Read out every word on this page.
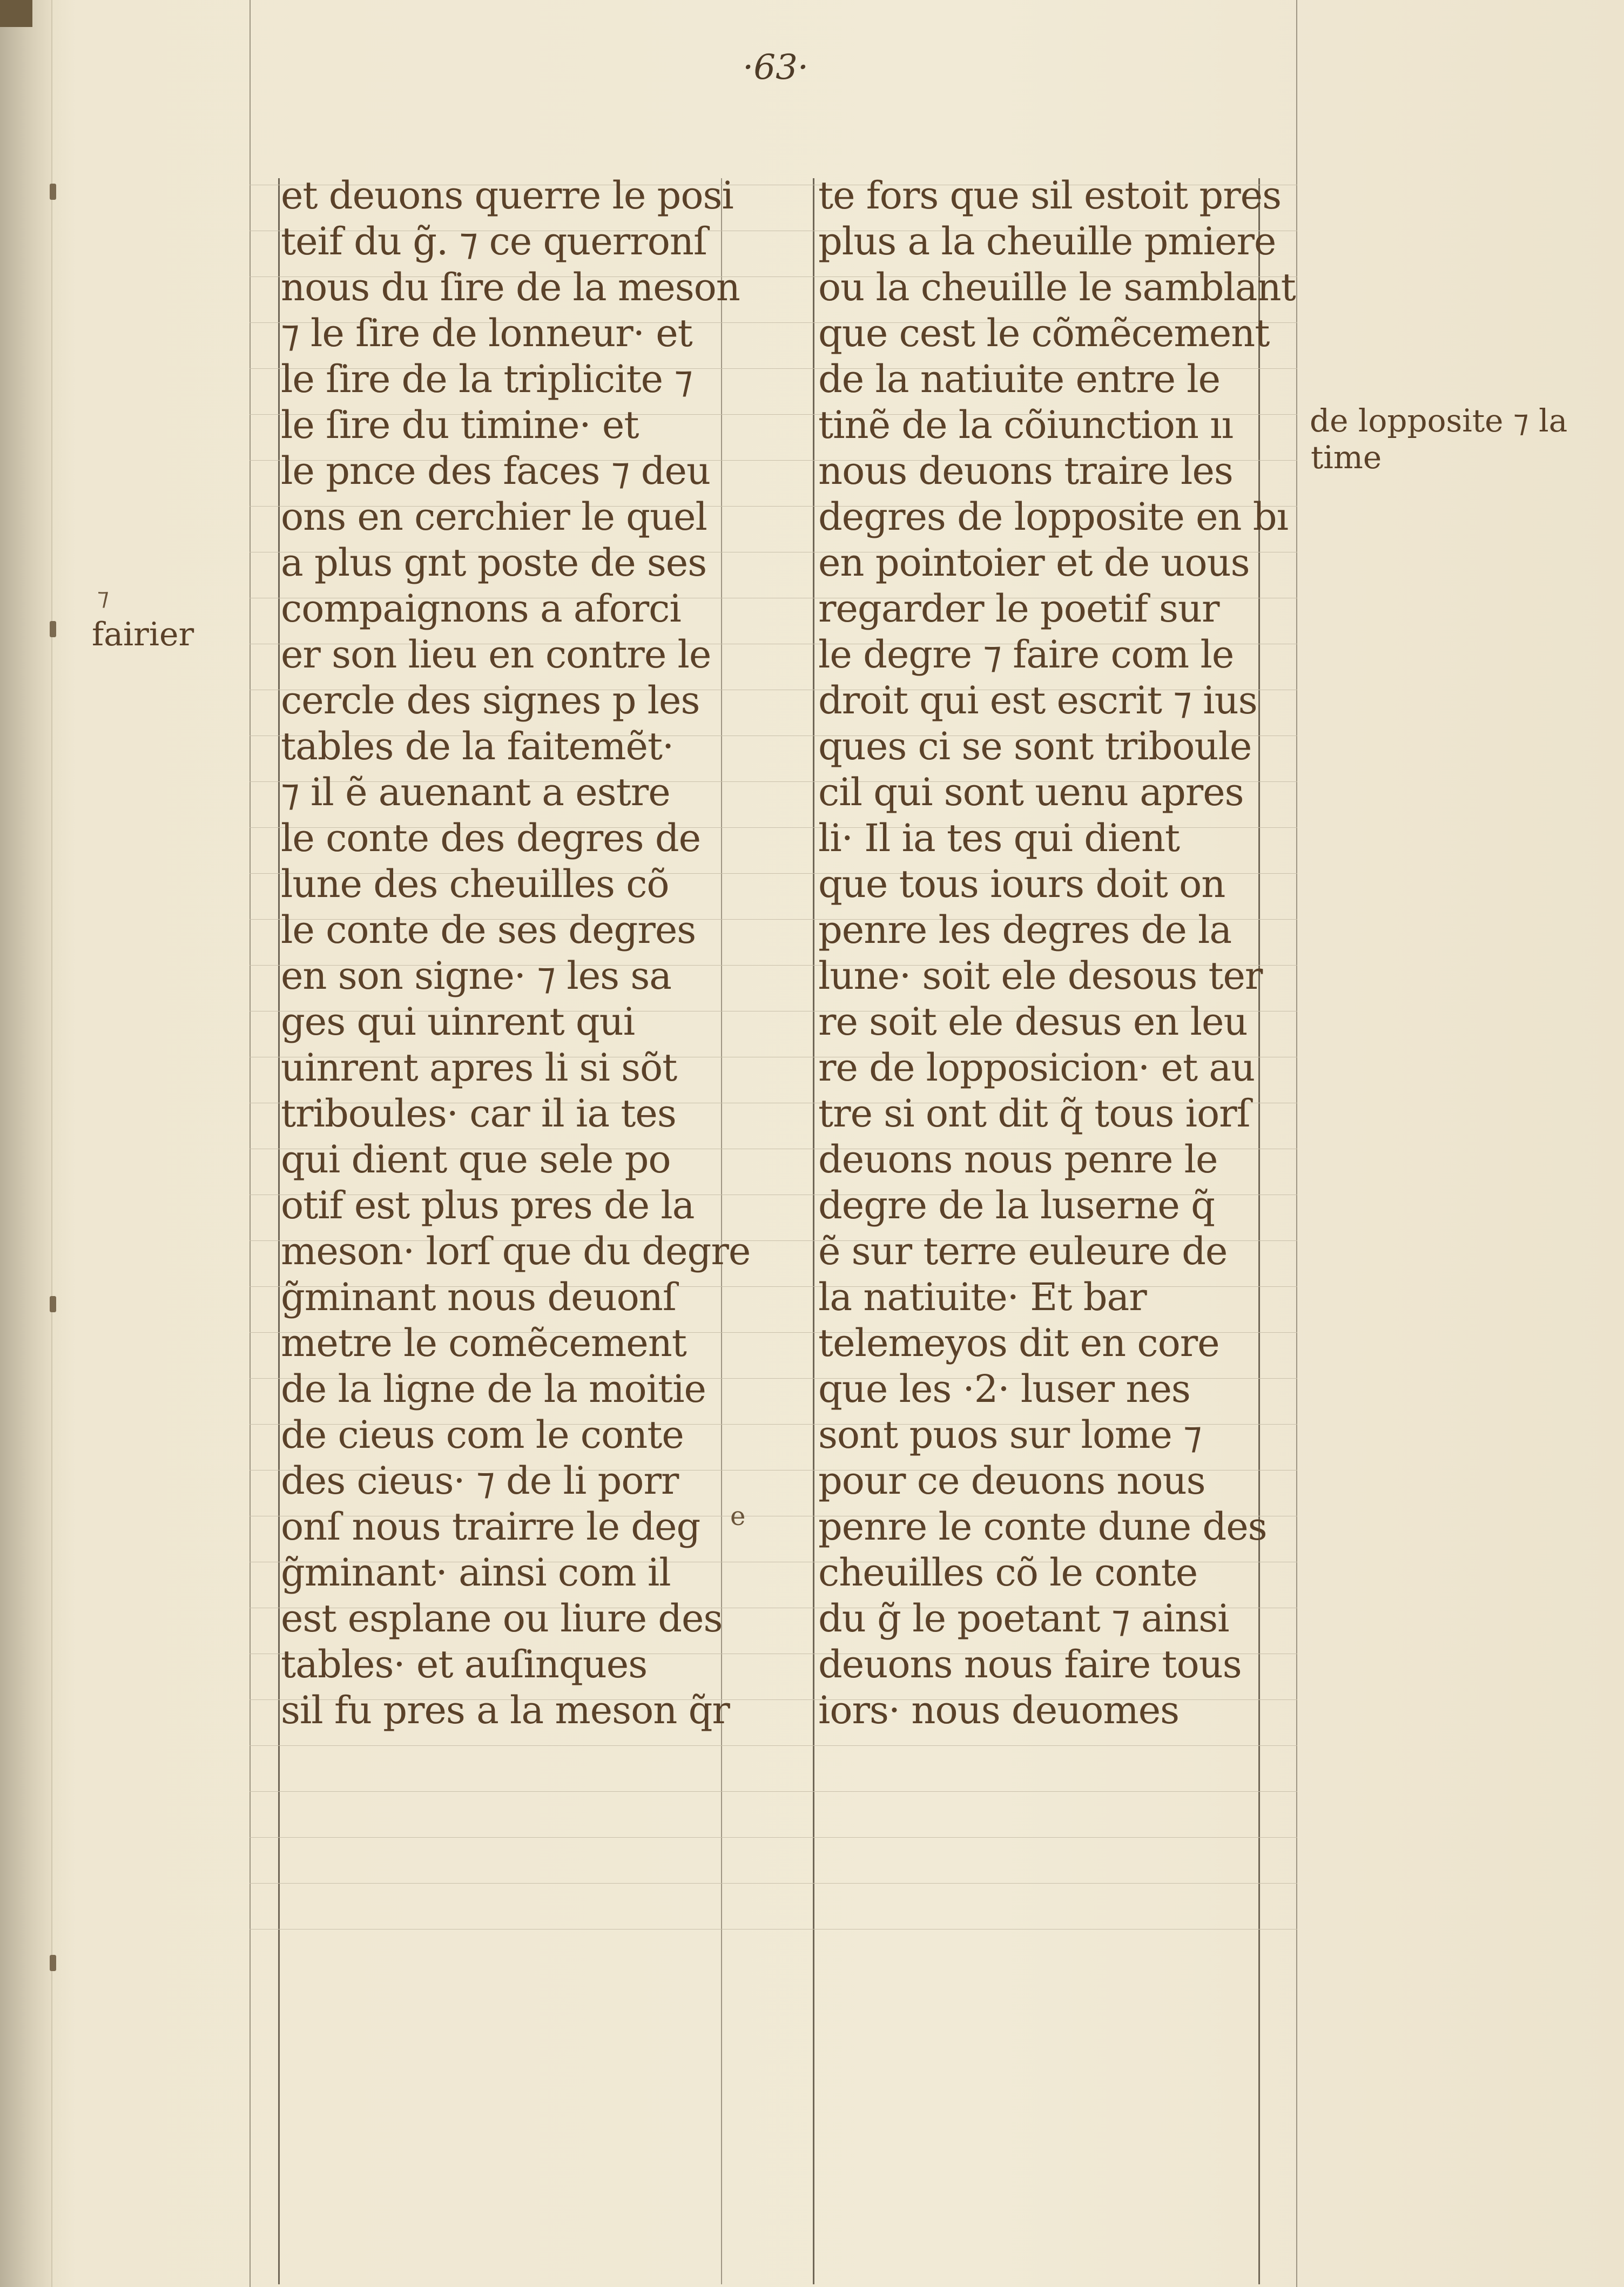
·63·
⁊
fairier
de lopposite ⁊ la
time
e
et deuons querre le posi
teif du g̃. ⁊ ce querronſ
nous du ſire de la meson
⁊ le ſire de lonneur· et
le ſire de la triplicite ⁊
le ſire du timine· et
le pnce des faces ⁊ deu
ons en cerchier le quel
a plus gnt poste de ses
compaignons a aforci
er son lieu en contre le
cercle des signes p les
tables de la faitemẽt·
⁊ il ẽ auenant a estre
le conte des degres de
lune des cheuilles cõ
le conte de ses degres
en son signe· ⁊ les sa
ges qui uinrent qui
uinrent apres li si sõt
triboules· car il ia tes
qui dient que sele po
otif est plus pres de la
meson· lorſ que du degre
g̃minant nous deuonſ
metre le comẽcement
de la ligne de la moitie
de cieus com le conte
des cieus· ⁊ de li porr
onſ nous trairre le deg
g̃minant· ainsi com il
est esplane ou liure des
tables· et auſinques
sil fu pres a la meson q̃r
te fors que sil estoit pres
plus a la cheuille pmiere
ou la cheuille le samblant
que cest le cõmẽcement
de la natiuite entre le
tinẽ de la cõiunction ıı
nous deuons traire les
degres de lopposite en bı
en pointoier et de uous
regarder le poetif sur
le degre ⁊ faire com le
droit qui est escrit ⁊ ius
ques ci se sont triboule
cil qui sont uenu apres
li· Il ia tes qui dient
que tous iours doit on
penre les degres de la
lune· soit ele desous ter
re soit ele desus en leu
re de lopposicion· et au
tre si ont dit q̃ tous iorſ
deuons nous penre le
degre de la luserne q̃
ẽ sur terre euleure de
la natiuite· Et bar
telemeyos dit en core
que les ·2· luser nes
sont puos sur lome ⁊
pour ce deuons nous
penre le conte dune des
cheuilles cõ le conte
du g̃ le poetant ⁊ ainsi
deuons nous faire tous
iors· nous deuomes
